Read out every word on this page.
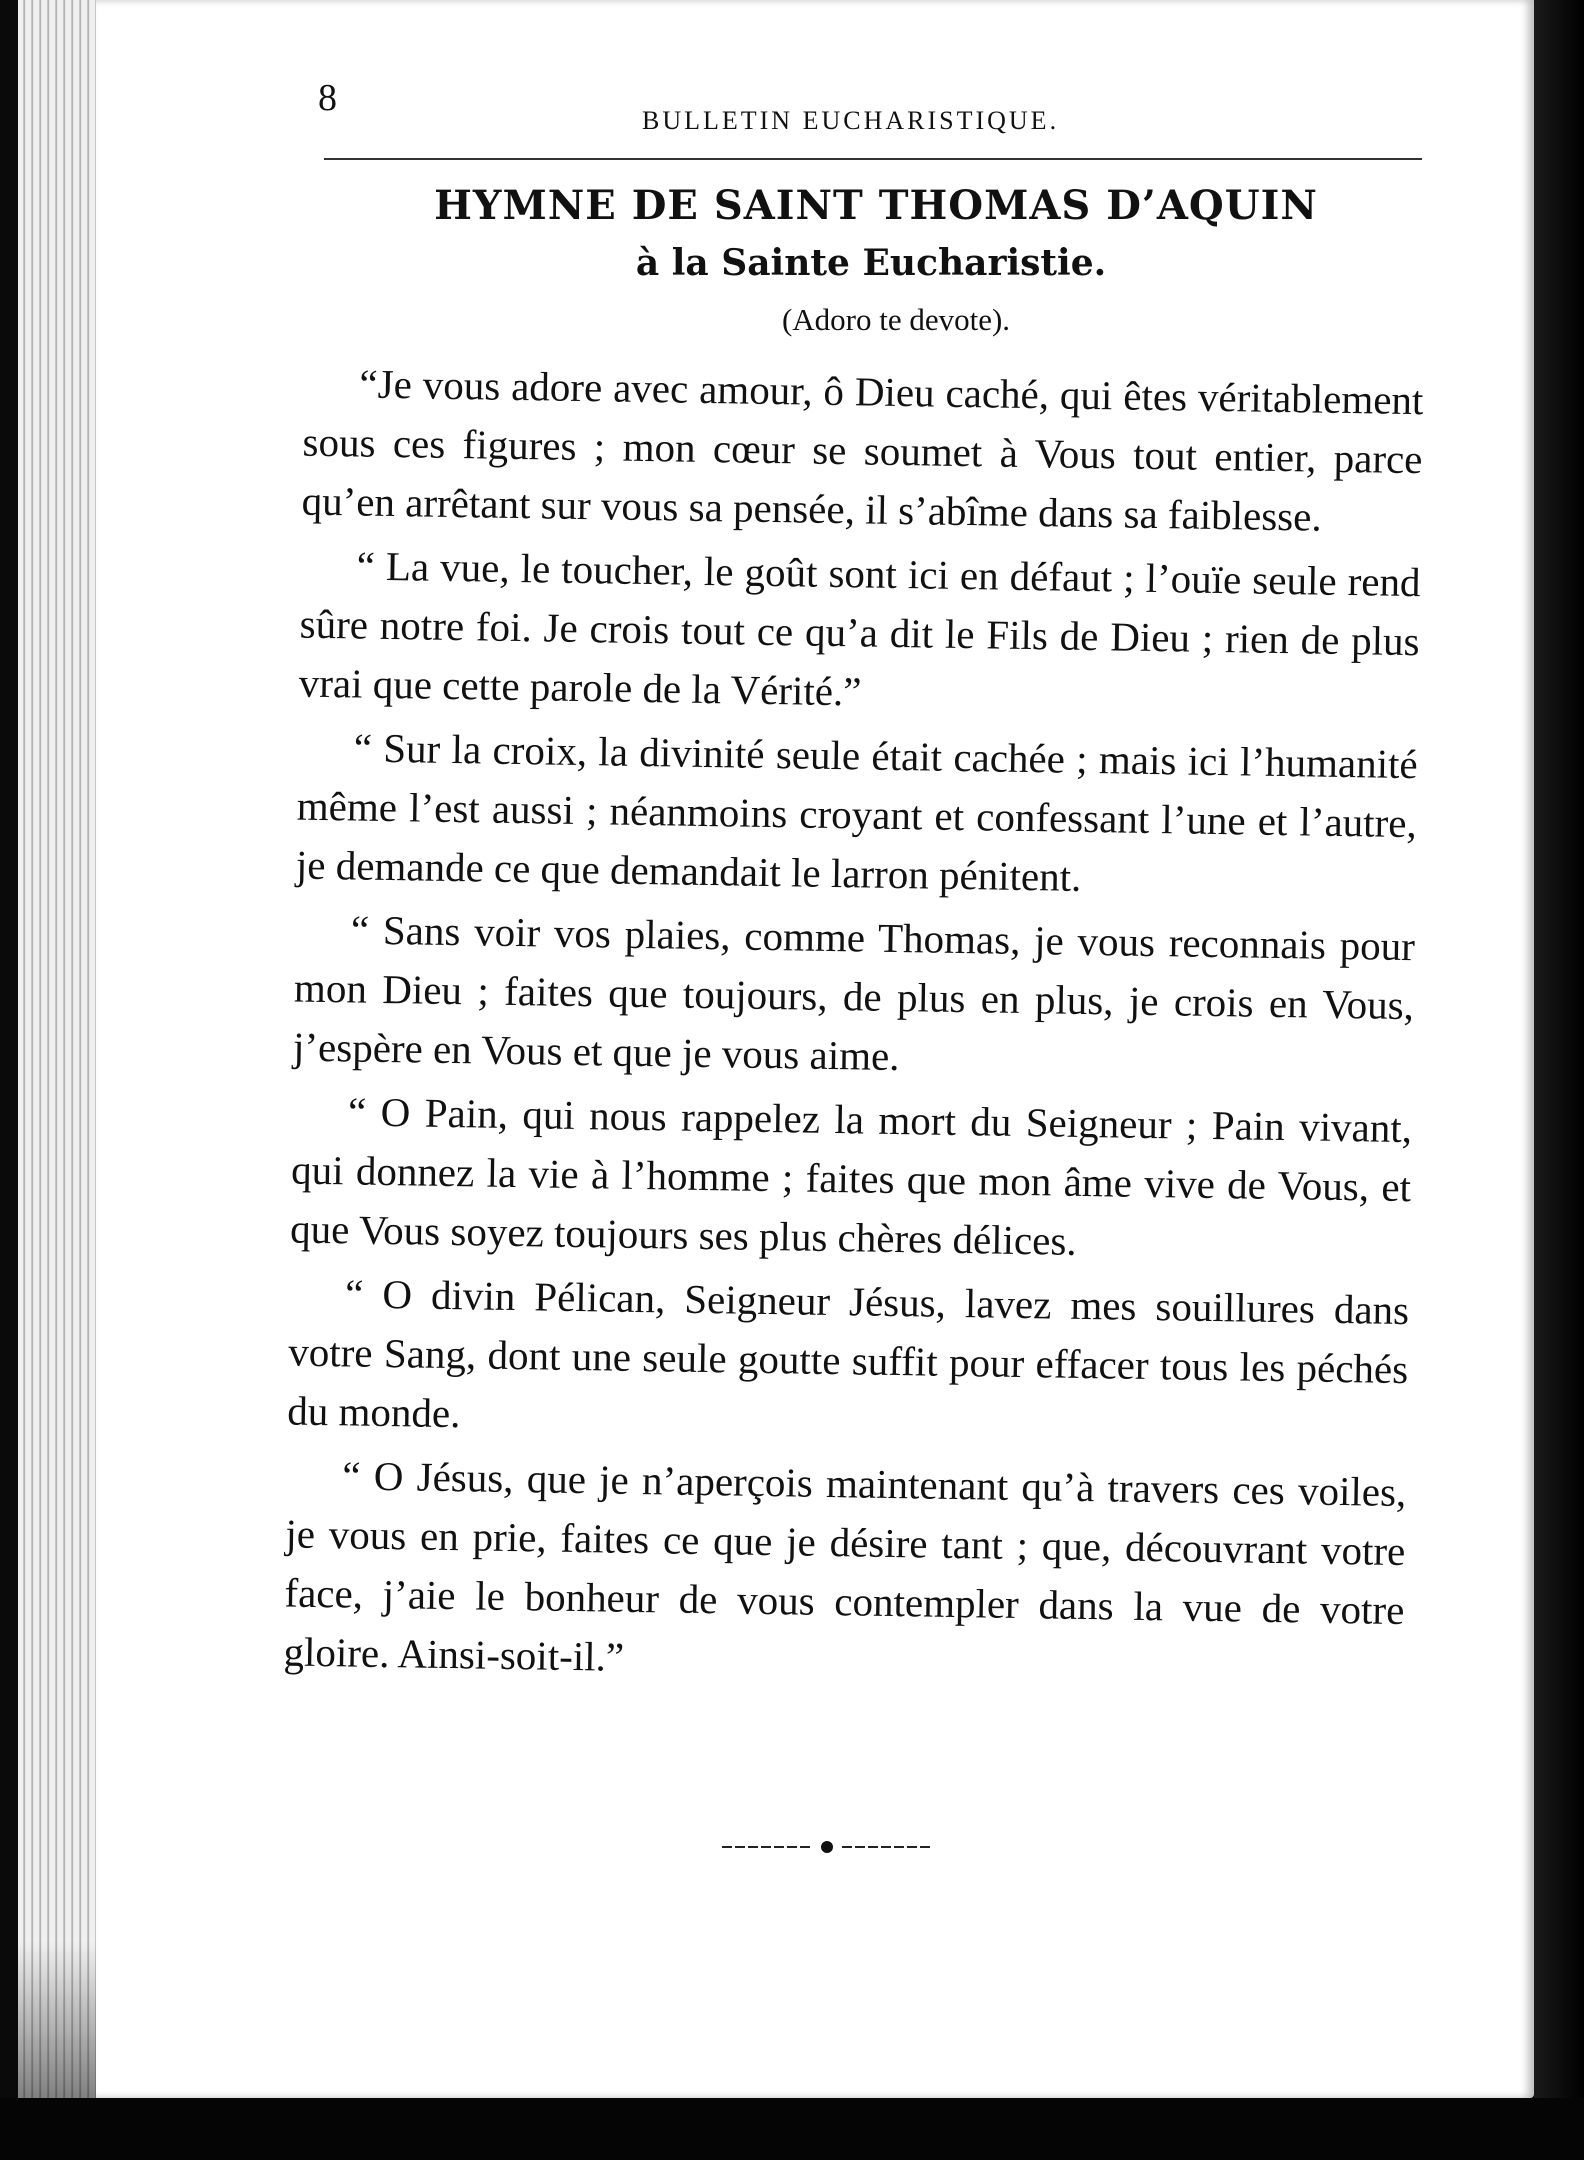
8
BULLETIN EUCHARISTIQUE.
HYMNE DE SAINT THOMAS D’AQUIN
à la Sainte Eucharistie.
(Adoro te devote).

“Je vous adore avec amour, ô Dieu caché, qui êtes véritablement sous ces figures ; mon cœur se soumet à Vous tout entier, parce qu’en arrêtant sur vous sa pensée, il s’abîme dans sa faiblesse.

“ La vue, le toucher, le goût sont ici en défaut ; l’ouïe seule rend sûre notre foi. Je crois tout ce qu’a dit le Fils de Dieu ; rien de plus vrai que cette parole de la Vérité.”

“ Sur la croix, la divinité seule était cachée ; mais ici l’humanité même l’est aussi ; néanmoins croyant et confessant l’une et l’autre, je demande ce que demandait le larron pénitent.

“ Sans voir vos plaies, comme Thomas, je vous reconnais pour mon Dieu ; faites que toujours, de plus en plus, je crois en Vous, j’espère en Vous et que je vous aime.

“ O Pain, qui nous rappelez la mort du Seigneur ; Pain vivant, qui donnez la vie à l’homme ; faites que mon âme vive de Vous, et que Vous soyez toujours ses plus chères délices.

“ O divin Pélican, Seigneur Jésus, lavez mes souillures dans votre Sang, dont une seule goutte suffit pour effacer tous les péchés du monde.

“ O Jésus, que je n’aperçois maintenant qu’à travers ces voiles, je vous en prie, faites ce que je désire tant ; que, découvrant votre face, j’aie le bonheur de vous contempler dans la vue de votre gloire. Ainsi-soit-il.”
